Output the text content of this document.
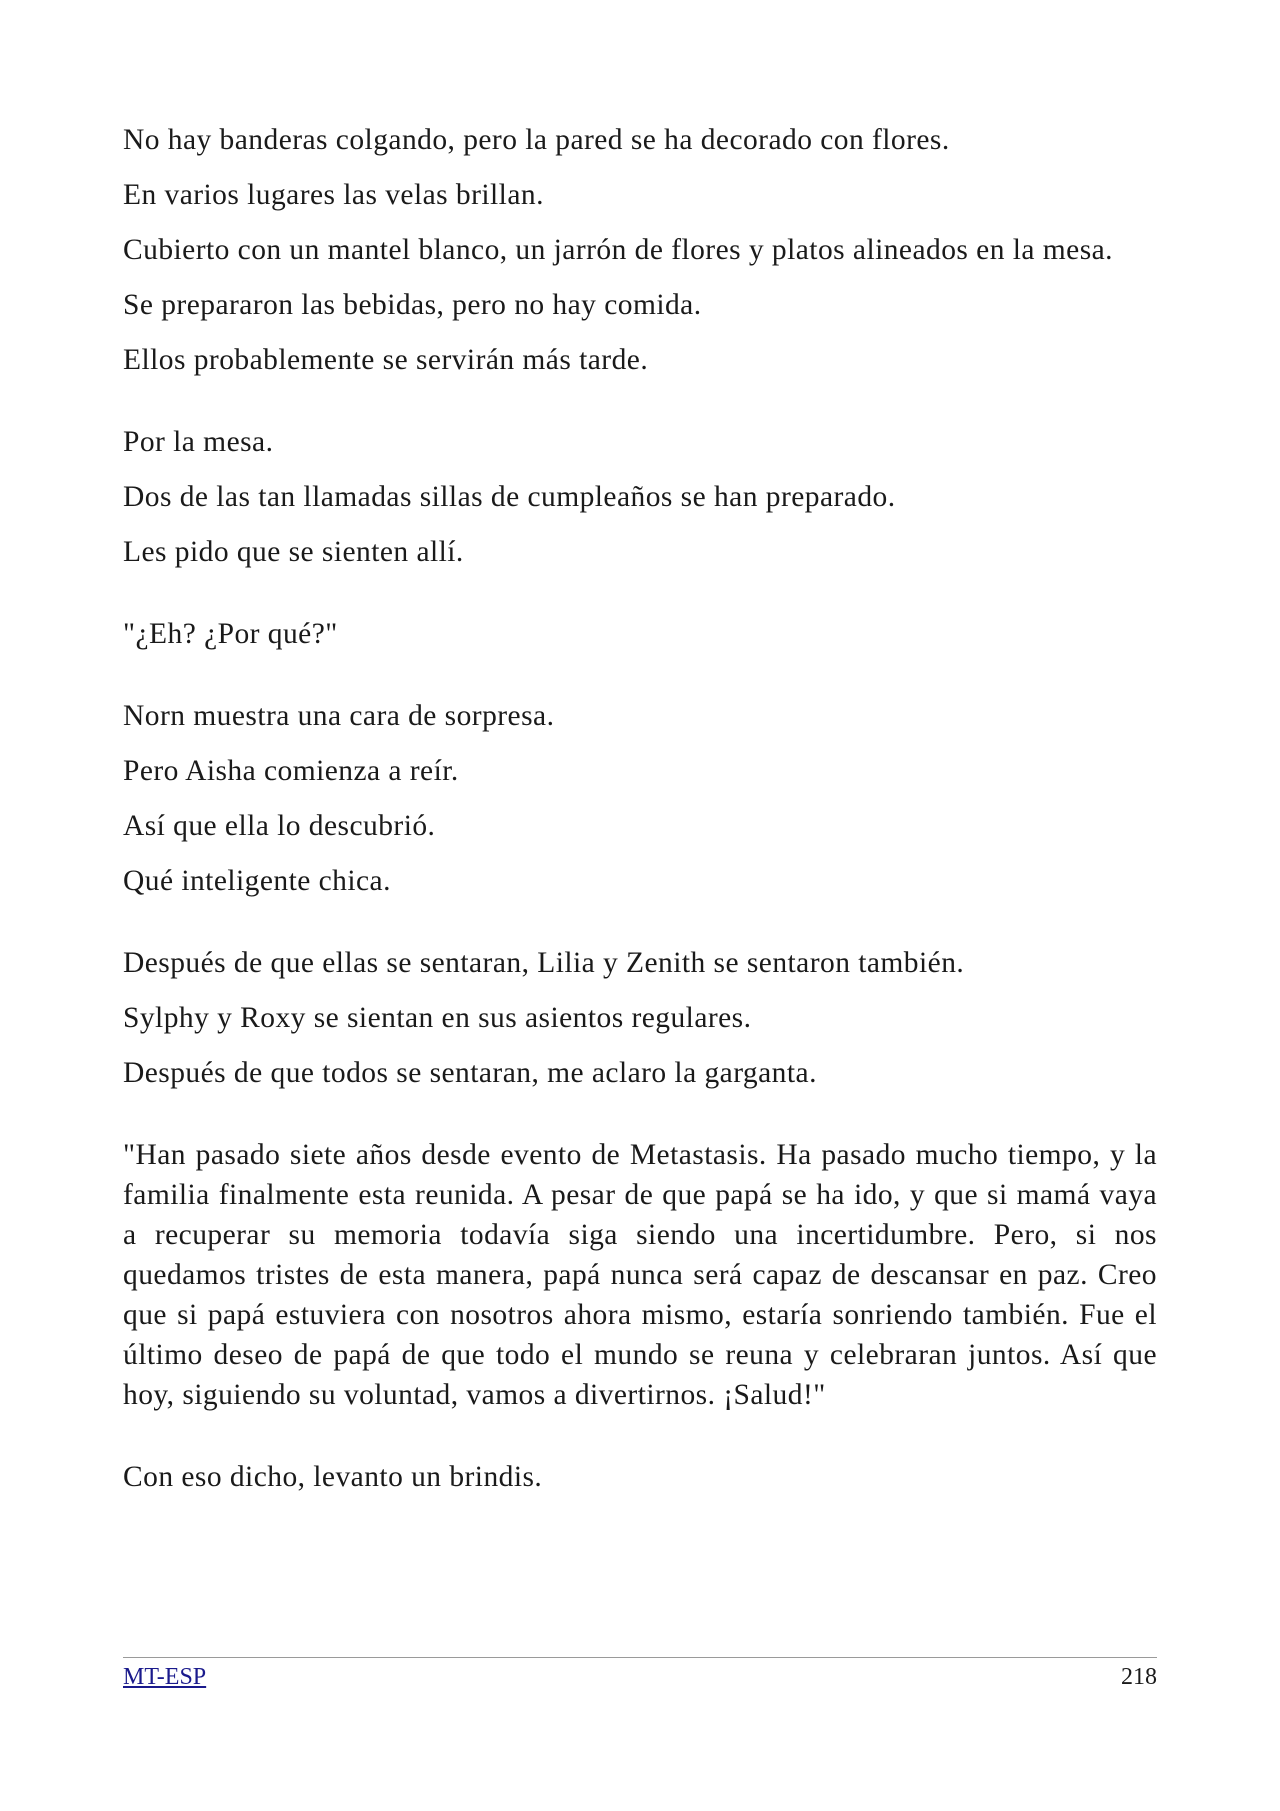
No hay banderas colgando, pero la pared se ha decorado con flores.

En varios lugares las velas brillan.

Cubierto con un mantel blanco, un jarrón de flores y platos alineados en la mesa.

Se prepararon las bebidas, pero no hay comida.

Ellos probablemente se servirán más tarde.

Por la mesa.

Dos de las tan llamadas sillas de cumpleaños se han preparado.

Les pido que se sienten allí.

"¿Eh? ¿Por qué?"

Norn muestra una cara de sorpresa.

Pero Aisha comienza a reír.

Así que ella lo descubrió.

Qué inteligente chica.

Después de que ellas se sentaran, Lilia y Zenith se sentaron también.

Sylphy y Roxy se sientan en sus asientos regulares.

Después de que todos se sentaran, me aclaro la garganta.

"Han pasado siete años desde evento de Metastasis. Ha pasado mucho tiempo, y la familia finalmente esta reunida. A pesar de que papá se ha ido, y que si mamá vaya a recuperar su memoria todavía siga siendo una incertidumbre. Pero, si nos quedamos tristes de esta manera, papá nunca será capaz de descansar en paz. Creo que si papá estuviera con nosotros ahora mismo, estaría sonriendo también. Fue el último deseo de papá de que todo el mundo se reuna y celebraran juntos. Así que hoy, siguiendo su voluntad, vamos a divertirnos. ¡Salud!"

Con eso dicho, levanto un brindis.

MT-ESP	218
